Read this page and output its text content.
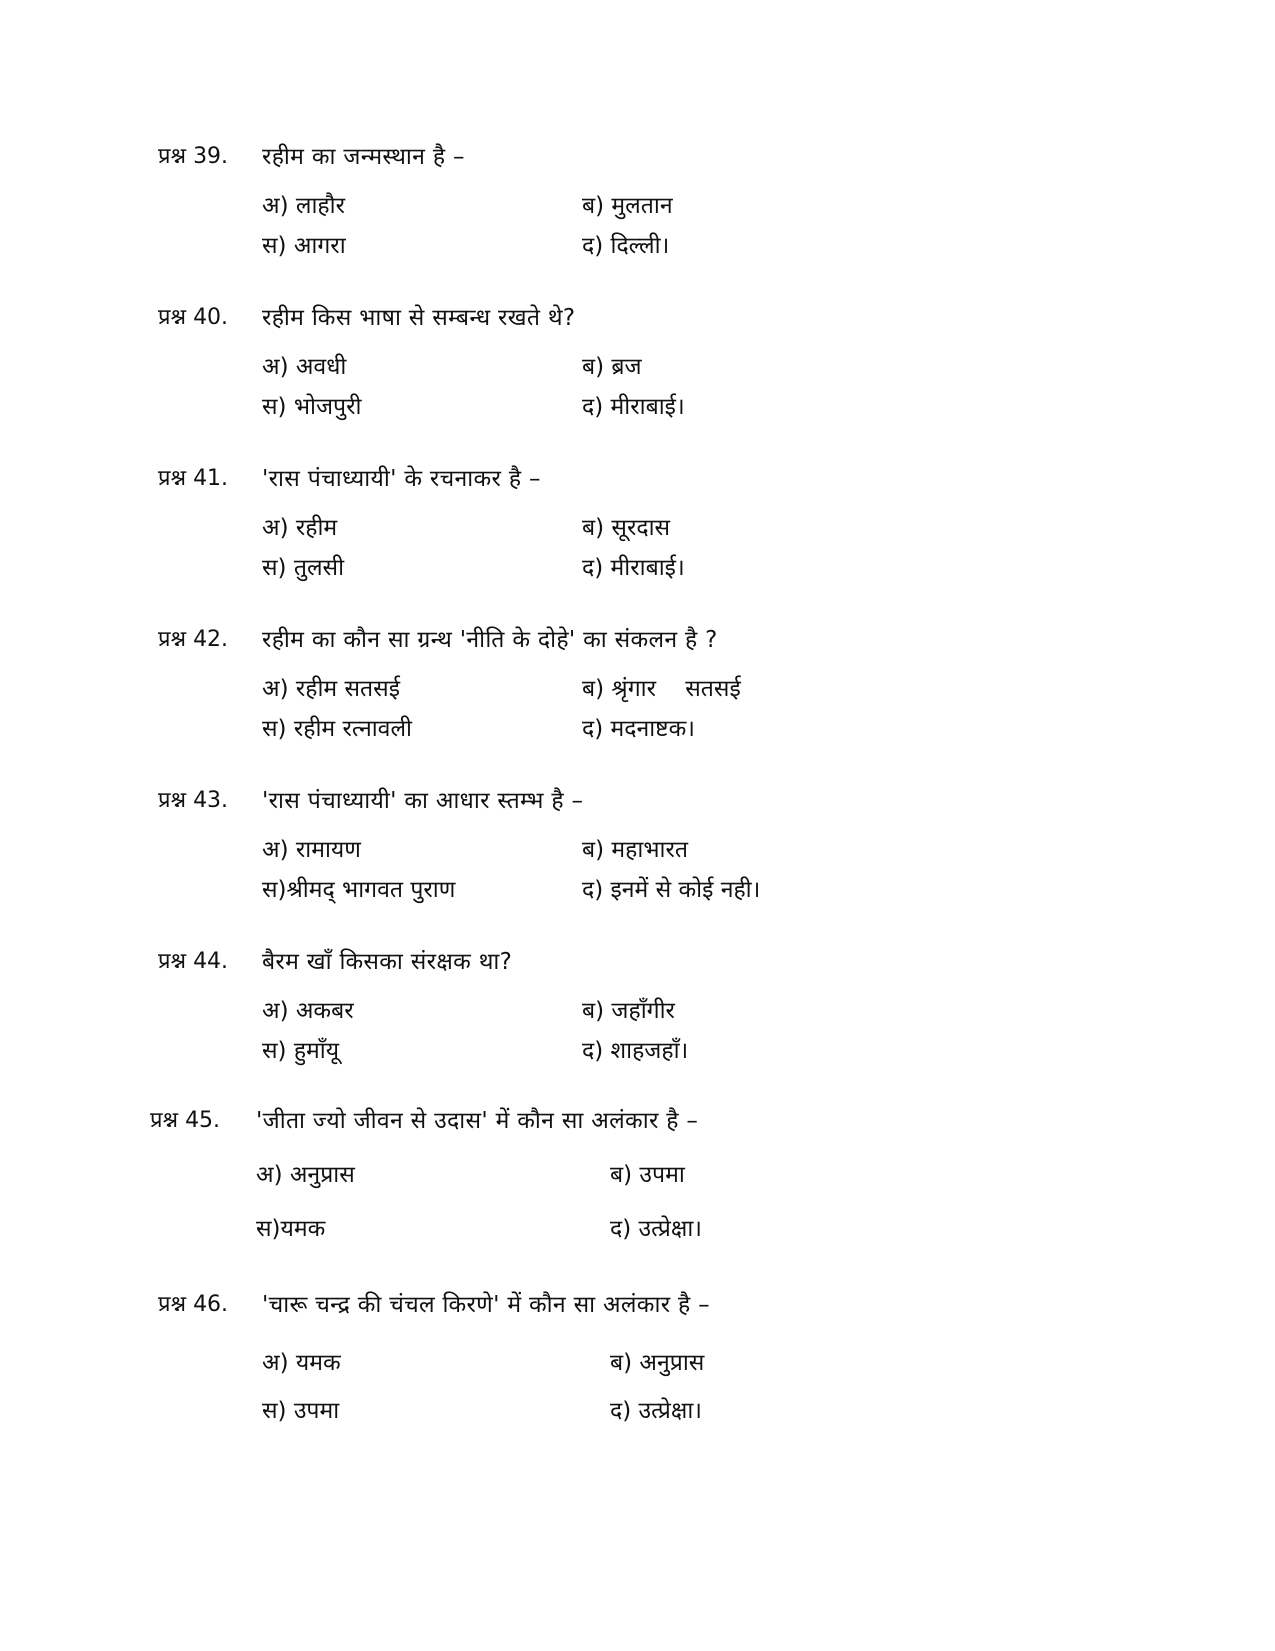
प्रश्न 39. रहीम का जन्मस्थान है –
अ) लाहौर	ब) मुलतान
स) आगरा	द) दिल्ली।
प्रश्न 40. रहीम किस भाषा से सम्बन्ध रखते थे?
अ) अवधी	ब) ब्रज
स) भोजपुरी	द) मीराबाई।
प्रश्न 41. 'रास पंचाध्यायी' के रचनाकर है –
अ) रहीम	ब) सूरदास
स) तुलसी	द) मीराबाई।
प्रश्न 42. रहीम का कौन सा ग्रन्थ 'नीति के दोहे' का संकलन है ?
अ) रहीम सतसई	ब) श्रृंगार    सतसई
स) रहीम रत्नावली	द) मदनाष्टक।
प्रश्न 43. 'रास पंचाध्यायी' का आधार स्तम्भ है –
अ) रामायण	ब) महाभारत
स)श्रीमद् भागवत पुराण	द) इनमें से कोई नही।
प्रश्न 44. बैरम खाँ किसका संरक्षक था?
अ) अकबर	ब) जहाँगीर
स) हुमाँयू	द) शाहजहाँ।
प्रश्न 45. 'जीता ज्यो जीवन से उदास' में कौन सा अलंकार है –
अ) अनुप्रास	ब) उपमा
स)यमक	द) उत्प्रेक्षा।
प्रश्न 46. 'चारू चन्द्र की चंचल किरणे' में कौन सा अलंकार है –
अ) यमक	ब) अनुप्रास
स) उपमा	द) उत्प्रेक्षा।
